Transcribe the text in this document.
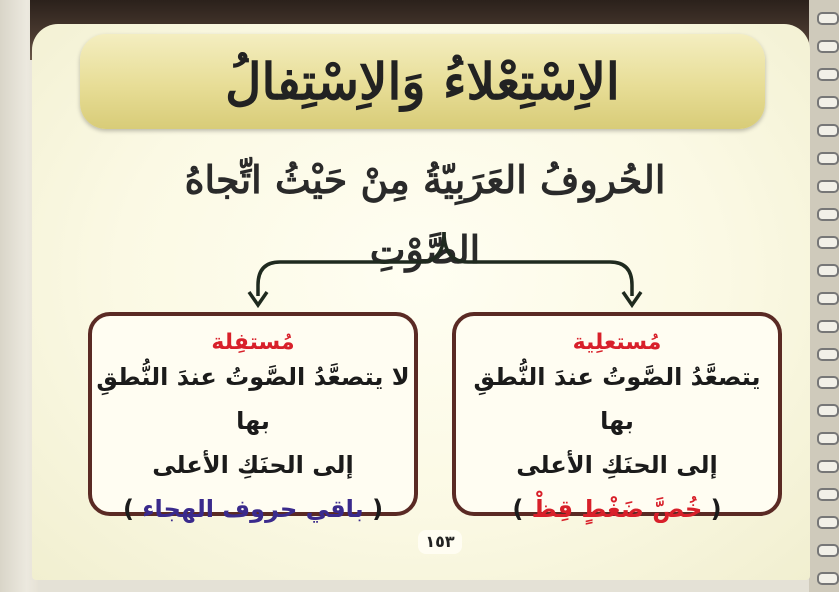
الاِسْتِعْلاءُ وَالاِسْتِفالُ
الحُروفُ العَرَبِيّةُ مِنْ حَيْثُ اتِّجاهُ الصَّوْتِ
مُستعلِية
يتصعَّدُ الصَّوتُ عندَ النُّطقِ بها
إلى الحنَكِ الأعلى
( خُصَّ ضَغْطٍ قِظْ )
مُستفِلة
لا يتصعَّدُ الصَّوتُ عندَ النُّطقِ بها
إلى الحنَكِ الأعلى
( باقي حروف الهجاء )
١٥٣
